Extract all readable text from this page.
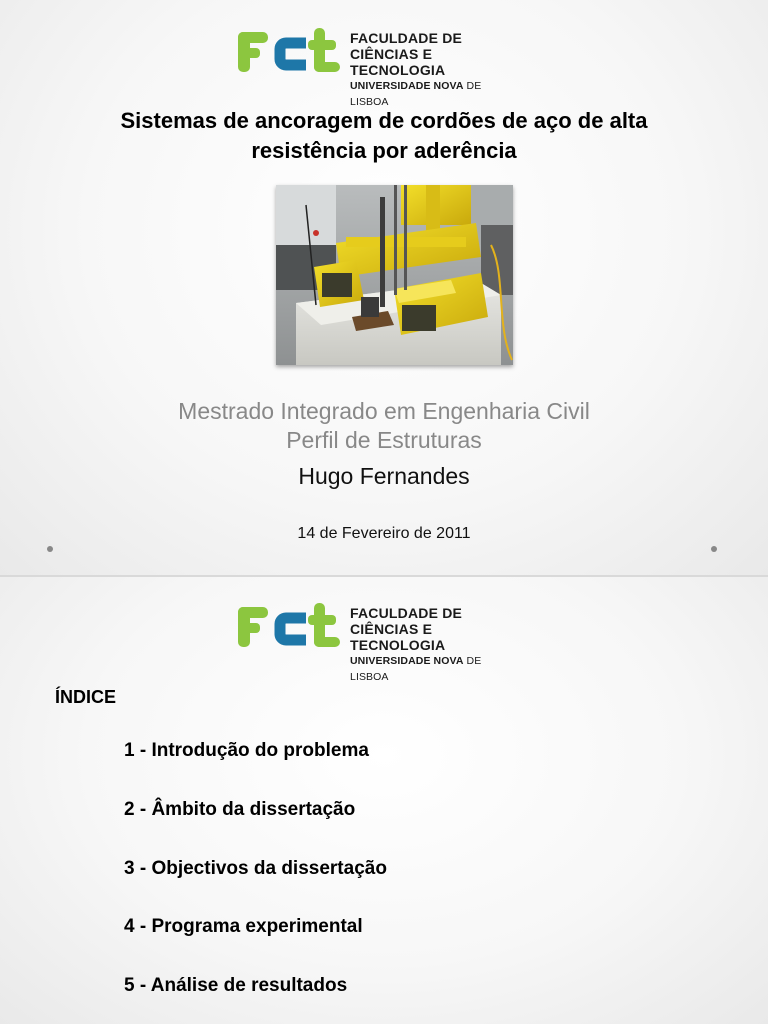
FACULDADE DE
CIÊNCIAS E TECNOLOGIA
UNIVERSIDADE NOVA DE LISBOA
Sistemas de ancoragem de cordões de aço de alta
resistência por aderência
Mestrado Integrado em Engenharia Civil
Perfil de Estruturas
Hugo Fernandes
14 de Fevereiro de 2011
FACULDADE DE
CIÊNCIAS E TECNOLOGIA
UNIVERSIDADE NOVA DE LISBOA
ÍNDICE
1 - Introdução do problema
2 - Âmbito da dissertação
3 - Objectivos da dissertação
4 - Programa experimental
5 - Análise de resultados
